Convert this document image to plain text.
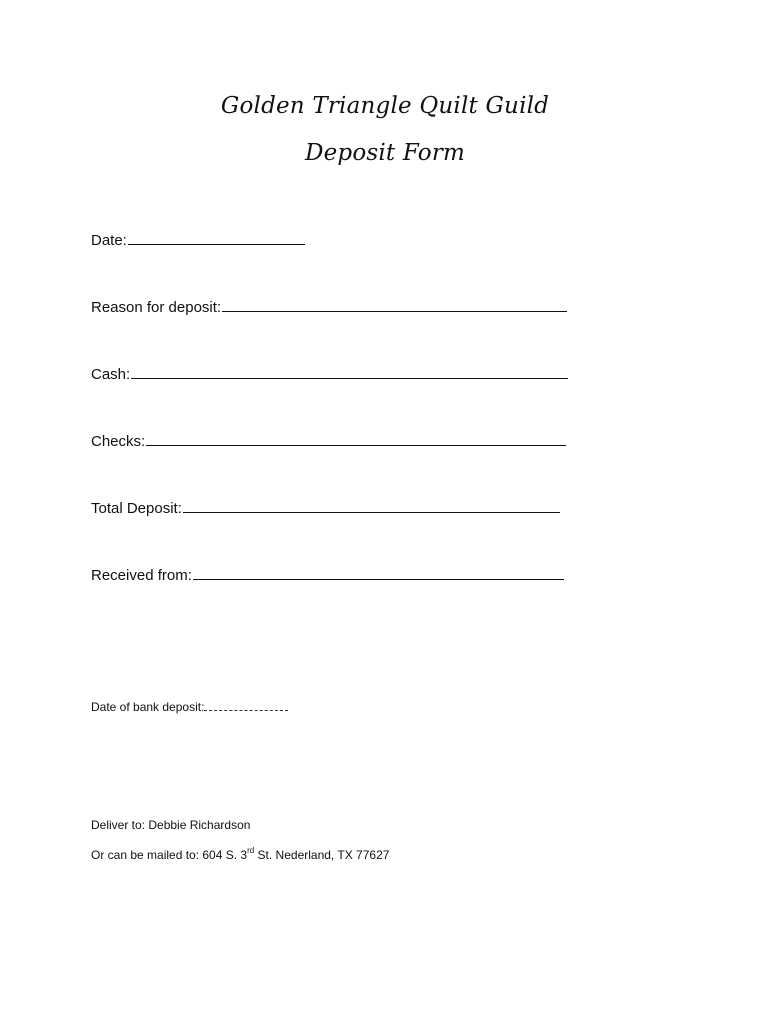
Golden Triangle Quilt Guild
Deposit Form
Date:
Reason for deposit:
Cash:
Checks:
Total Deposit:
Received from:
Date of bank deposit:
Deliver to: Debbie Richardson
Or can be mailed to: 604 S. 3rd St. Nederland, TX 77627
